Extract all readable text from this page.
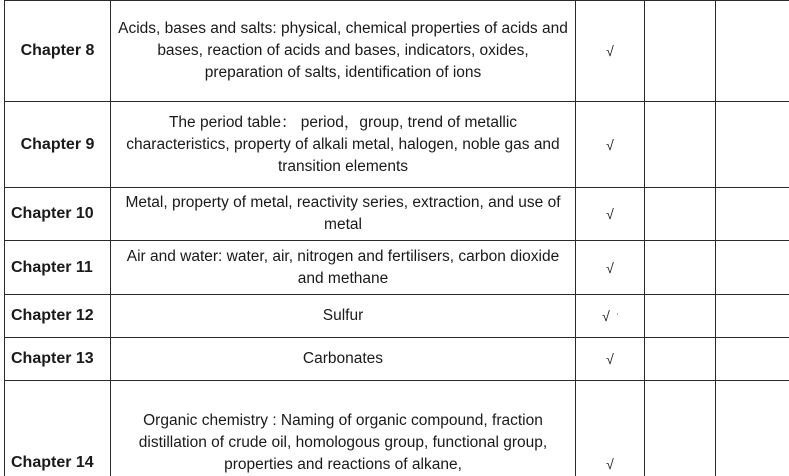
Chapter 8	Acids, bases and salts: physical, chemical properties of acids and bases, reaction of acids and bases, indicators, oxides, preparation of salts, identification of ions	√		
Chapter 9	The period table： period，group, trend of metallic characteristics, property of alkali metal, halogen, noble gas and transition elements	√		
Chapter 10	Metal, property of metal, reactivity series, extraction, and use of metal	√		
Chapter 11	Air and water: water, air, nitrogen and fertilisers, carbon dioxide and methane	√		
Chapter 12	Sulfur	√ '		
Chapter 13	Carbonates	√		
Chapter 14	Organic chemistry : Naming of organic compound, fraction distillation of crude oil, homologous group, functional group, properties and reactions of alkane,	√		
